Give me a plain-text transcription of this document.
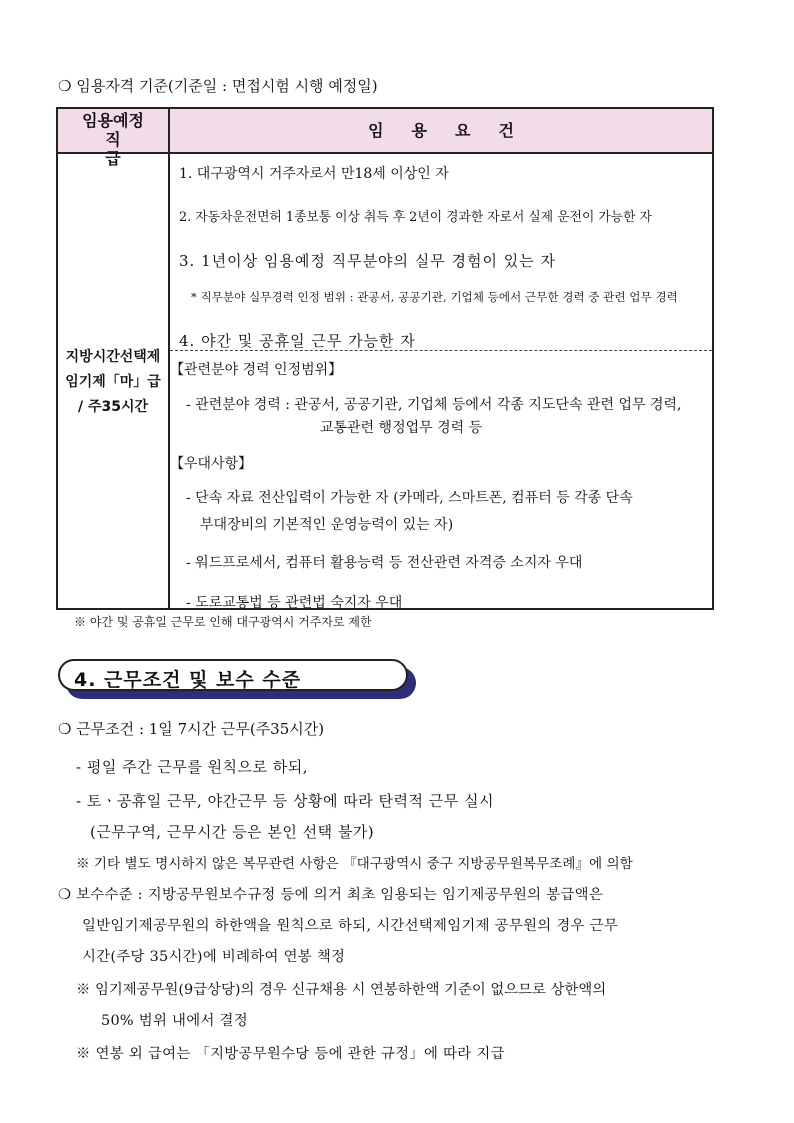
❍ 임용자격 기준(기준일 : 면접시험 시행 예정일)
임용예정
직급
임용요건
지방시간선택제
임기제「마」급
/ 주35시간
1. 대구광역시 거주자로서 만18세 이상인 자
2. 자동차운전면허 1종보통 이상 취득 후 2년이 경과한 자로서 실제 운전이 가능한 자
3. 1년이상 임용예정 직무분야의 실무 경험이 있는 자
* 직무분야 실무경력 인정 범위 : 관공서, 공공기관, 기업체 등에서 근무한 경력 중 관련 업무 경력
4. 야간 및 공휴일 근무 가능한 자
【관련분야 경력 인정범위】
- 관련분야 경력 : 관공서, 공공기관, 기업체 등에서 각종 지도단속 관련 업무 경력,
교통관련 행정업무 경력 등
【우대사항】
- 단속 자료 전산입력이 가능한 자 (카메라, 스마트폰, 컴퓨터 등 각종 단속
부대장비의 기본적인 운영능력이 있는 자)
- 워드프로세서, 컴퓨터 활용능력 등 전산관련 자격증 소지자 우대
- 도로교통법 등 관련법 숙지자 우대
※ 야간 및 공휴일 근무로 인해 대구광역시 거주자로 제한
4. 근무조건 및 보수 수준
❍ 근무조건 : 1일 7시간 근무(주35시간)
- 평일 주간 근무를 원칙으로 하되,
- 토ㆍ공휴일 근무, 야간근무 등 상황에 따라 탄력적 근무 실시
(근무구역, 근무시간 등은 본인 선택 불가)
※ 기타 별도 명시하지 않은 복무관련 사항은 『대구광역시 중구 지방공무원복무조례』에 의함
❍ 보수수준 : 지방공무원보수규정 등에 의거 최초 임용되는 임기제공무원의 봉급액은
일반임기제공무원의 하한액을 원칙으로 하되, 시간선택제임기제 공무원의 경우 근무
시간(주당 35시간)에 비례하여 연봉 책정
※ 임기제공무원(9급상당)의 경우 신규채용 시 연봉하한액 기준이 없으므로 상한액의
50% 범위 내에서 결정
※ 연봉 외 급여는 「지방공무원수당 등에 관한 규정」에 따라 지급
